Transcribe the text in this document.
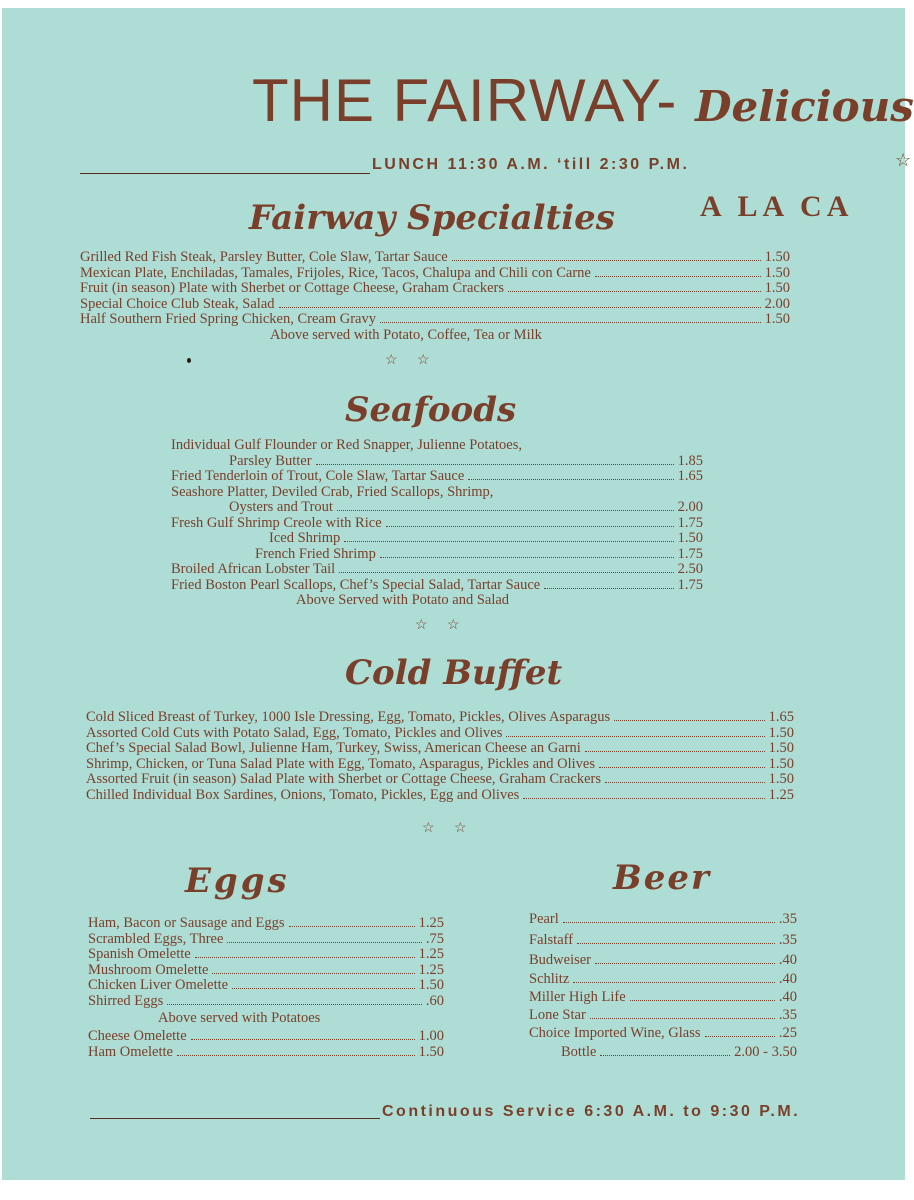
THE FAIRWAY- Delicious
LUNCH 11:30 A.M. ‘till 2:30 P.M.	☆
A LA CA
Fairway Specialties
Grilled Red Fish Steak, Parsley Butter, Cole Slaw, Tartar Sauce	1.50
Mexican Plate, Enchiladas, Tamales, Frijoles, Rice, Tacos, Chalupa and Chili con Carne	1.50
Fruit (in season) Plate with Sherbet or Cottage Cheese, Graham Crackers	1.50
Special Choice Club Steak, Salad	2.00
Half Southern Fried Spring Chicken, Cream Gravy	1.50
Above served with Potato, Coffee, Tea or Milk
☆ ☆
Seafoods
Individual Gulf Flounder or Red Snapper, Julienne Potatoes,
Parsley Butter	1.85
Fried Tenderloin of Trout, Cole Slaw, Tartar Sauce	1.65
Seashore Platter, Deviled Crab, Fried Scallops, Shrimp,
Oysters and Trout	2.00
Fresh Gulf Shrimp Creole with Rice	1.75
Iced Shrimp	1.50
French Fried Shrimp	1.75
Broiled African Lobster Tail	2.50
Fried Boston Pearl Scallops, Chef’s Special Salad, Tartar Sauce	1.75
Above Served with Potato and Salad
☆ ☆
Cold Buffet
Cold Sliced Breast of Turkey, 1000 Isle Dressing, Egg, Tomato, Pickles, Olives Asparagus	1.65
Assorted Cold Cuts with Potato Salad, Egg, Tomato, Pickles and Olives	1.50
Chef’s Special Salad Bowl, Julienne Ham, Turkey, Swiss, American Cheese an Garni	1.50
Shrimp, Chicken, or Tuna Salad Plate with Egg, Tomato, Asparagus, Pickles and Olives	1.50
Assorted Fruit (in season) Salad Plate with Sherbet or Cottage Cheese, Graham Crackers	1.50
Chilled Individual Box Sardines, Onions, Tomato, Pickles, Egg and Olives	1.25
☆ ☆
Eggs
Ham, Bacon or Sausage and Eggs	1.25
Scrambled Eggs, Three	.75
Spanish Omelette	1.25
Mushroom Omelette	1.25
Chicken Liver Omelette	1.50
Shirred Eggs	.60
Above served with Potatoes
Cheese Omelette	1.00
Ham Omelette	1.50
Beer
Pearl	.35
Falstaff	.35
Budweiser	.40
Schlitz	.40
Miller High Life	.40
Lone Star	.35
Choice Imported Wine, Glass	.25
Bottle	2.00 - 3.50
Continuous Service 6:30 A.M. to 9:30 P.M.
